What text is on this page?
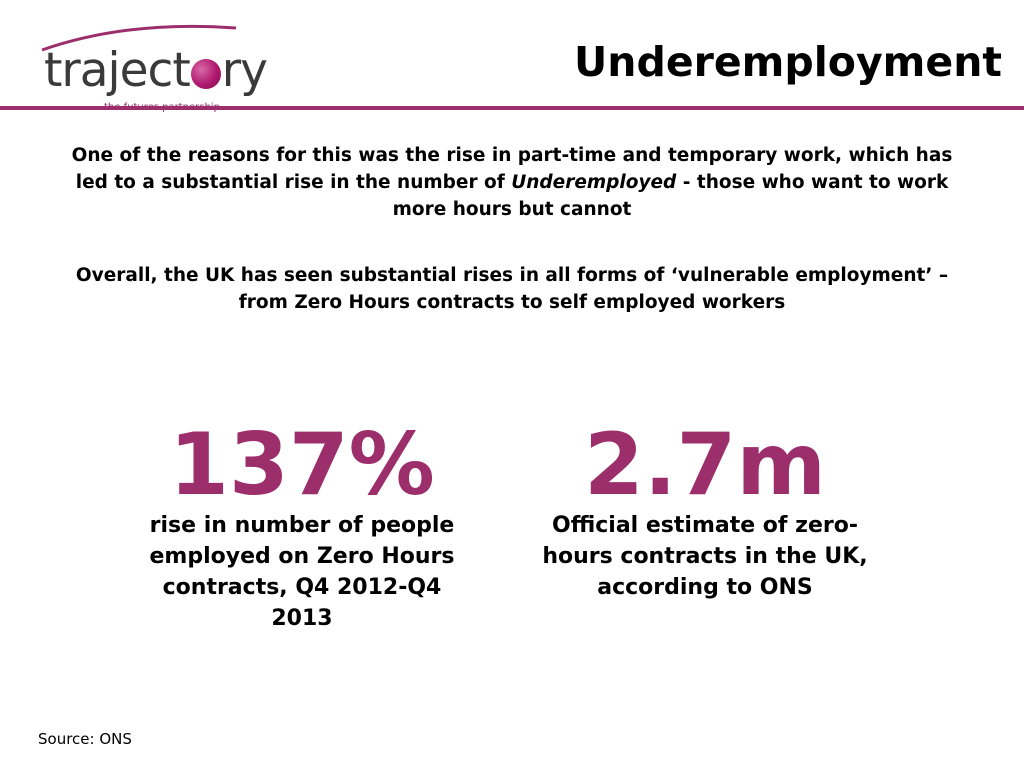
traject ry	Underemployment
One of the reasons for this was the rise in part-time and temporary work, which has led to a substantial rise in the number of Underemployed - those who want to work more hours but cannot
Overall, the UK has seen substantial rises in all forms of ‘vulnerable employment’ – from Zero Hours contracts to self employed workers
137%
rise in number of people employed on Zero Hours contracts, Q4 2012-Q4 2013
2.7m
Official estimate of zero-hours contracts in the UK, according to ONS
Source: ONS
